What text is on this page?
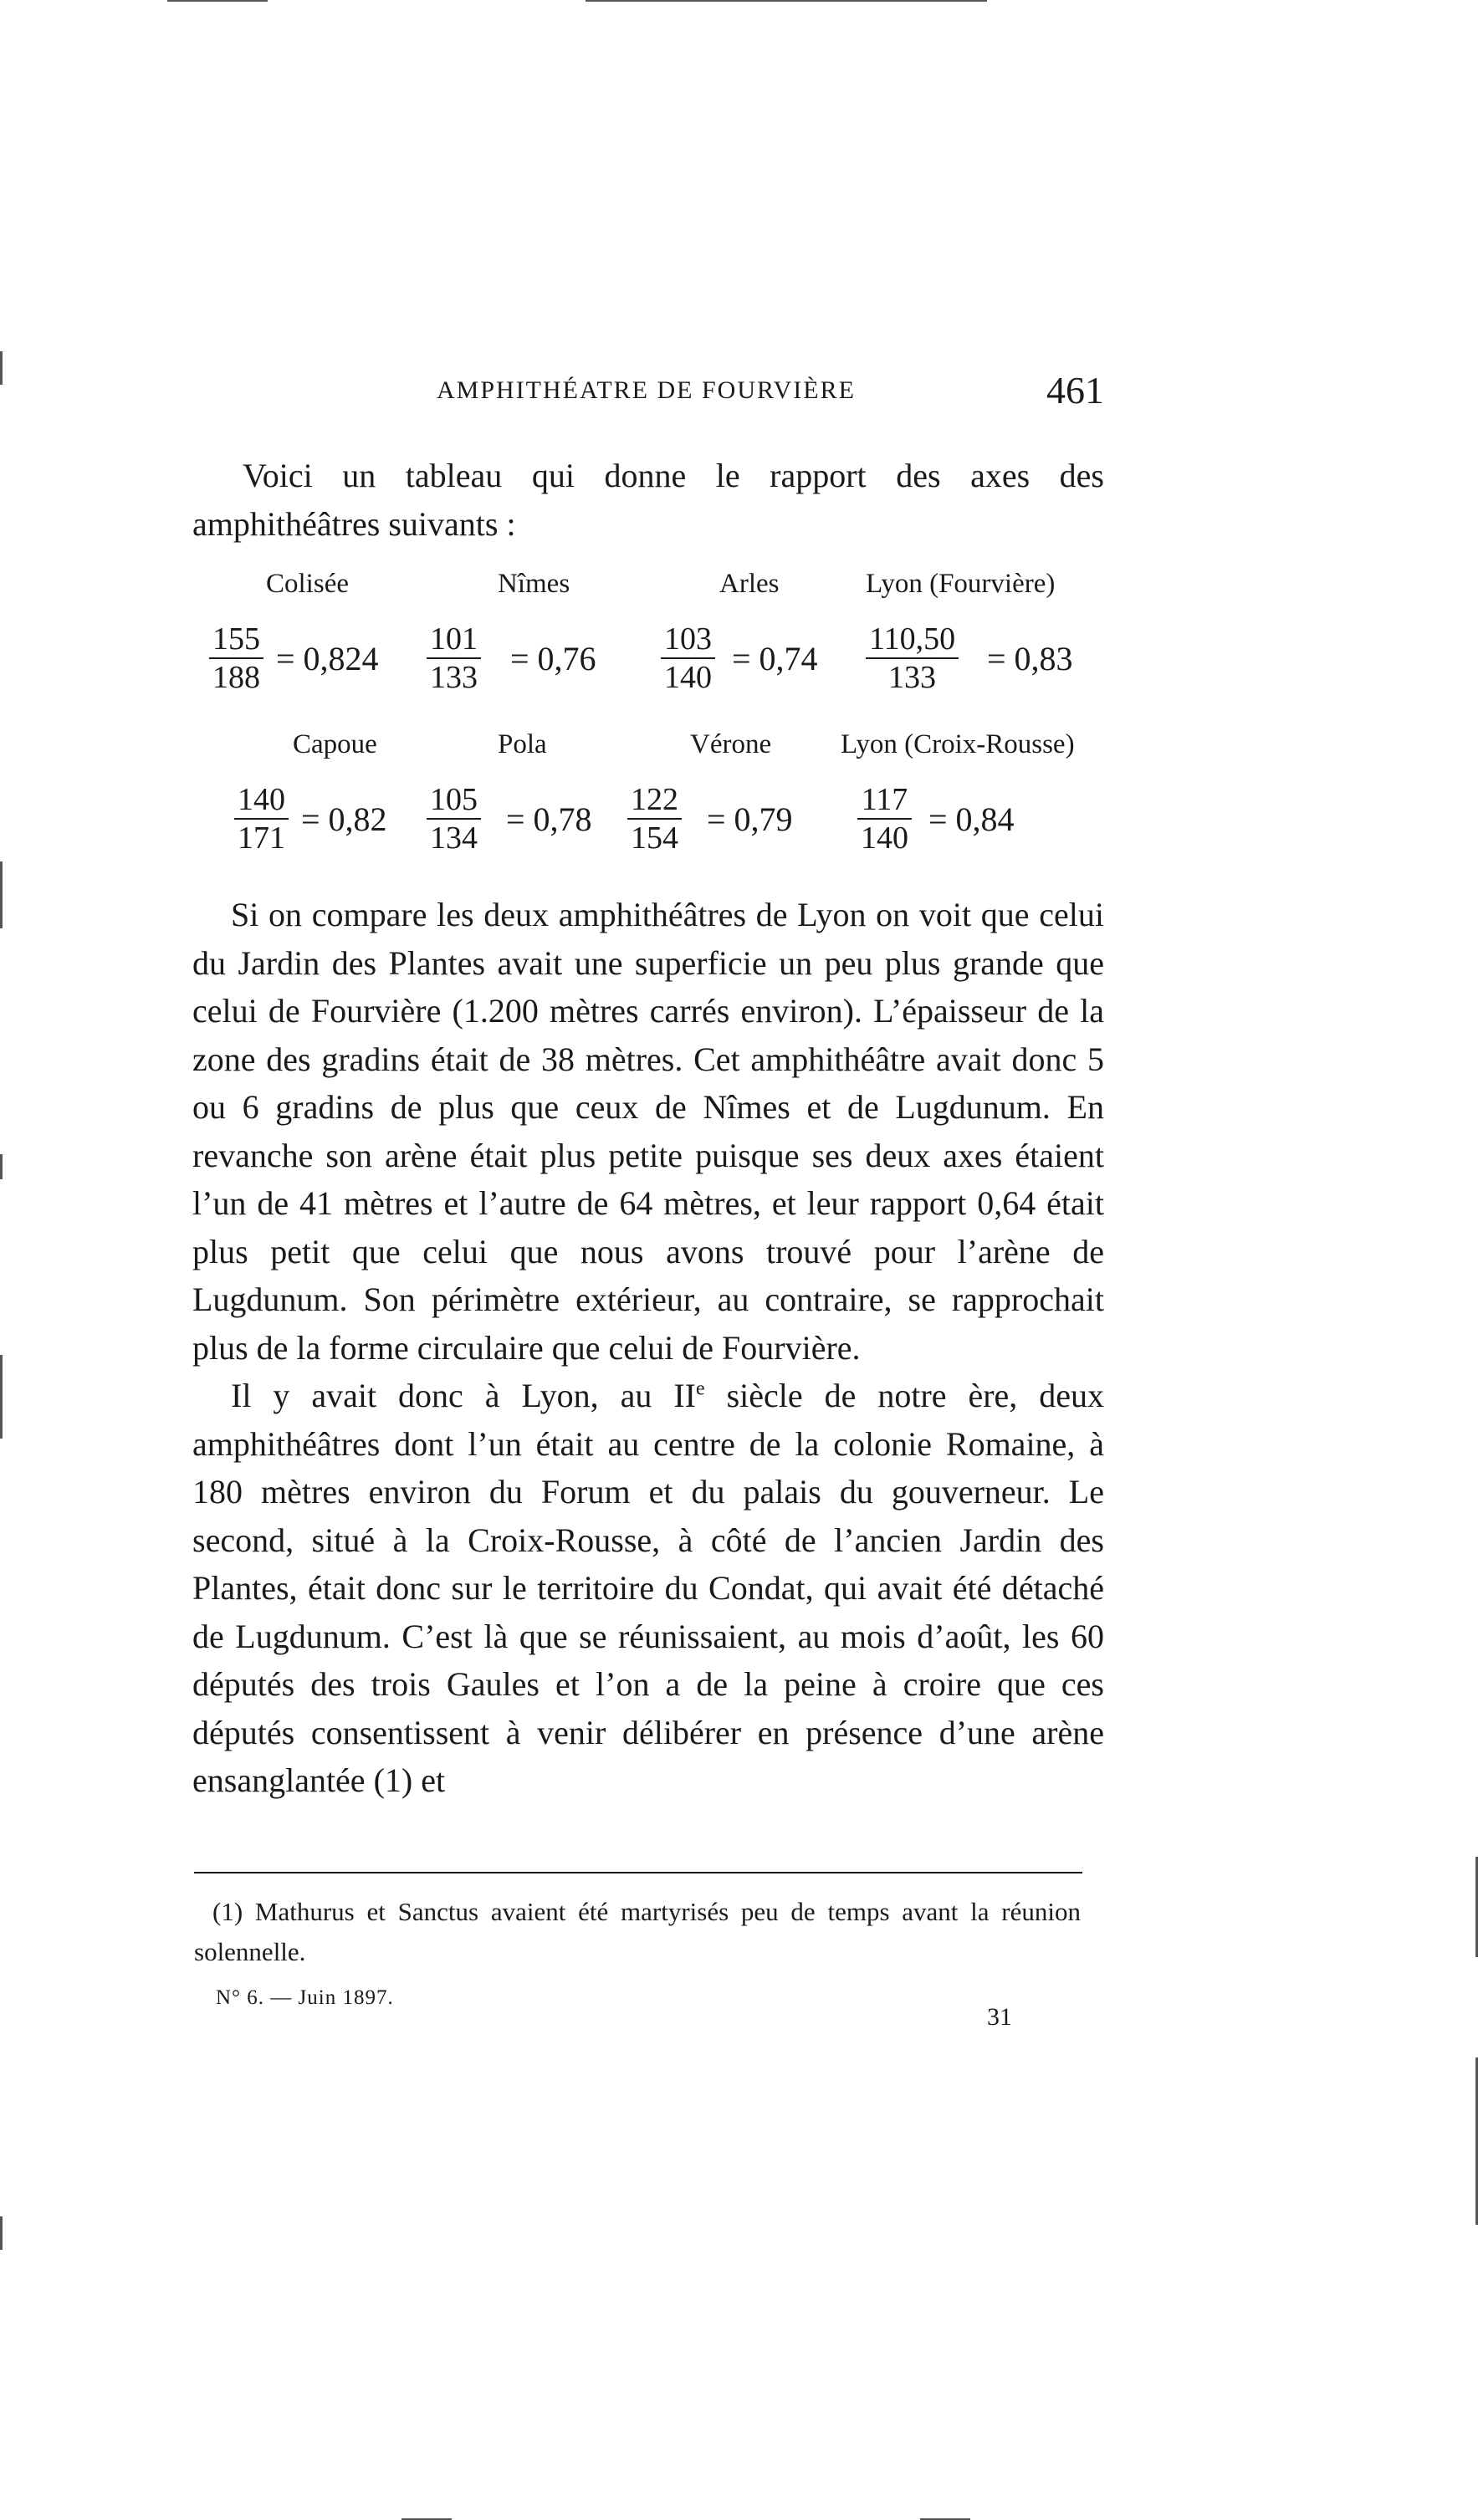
AMPHITHÉATRE DE FOURVIÈRE	461

Voici un tableau qui donne le rapport des axes des amphithéâtres suivants :

Colisée
$\frac{155}{188} = 0,824$
Nîmes
$\frac{101}{133} = 0,76$
Arles
$\frac{103}{140} = 0,74$
Lyon (Fourvière)
$\frac{110,50}{133} = 0,83$
Capoue
$\frac{140}{171} = 0,82$
Pola
$\frac{105}{134} = 0,78$
Vérone
$\frac{122}{154} = 0,79$
Lyon (Croix-Rousse)
$\frac{117}{140} = 0,84$

Si on compare les deux amphithéâtres de Lyon on voit que celui du Jardin des Plantes avait une superficie un peu plus grande que celui de Fourvière (1.200 mètres carrés environ). L’épaisseur de la zone des gradins était de 38 mètres. Cet amphithéâtre avait donc 5 ou 6 gradins de plus que ceux de Nîmes et de Lugdunum. En revanche son arène était plus petite puisque ses deux axes étaient l’un de 41 mètres et l’autre de 64 mètres, et leur rapport 0,64 était plus petit que celui que nous avons trouvé pour l’arène de Lugdunum. Son périmètre extérieur, au contraire, se rapprochait plus de la forme circulaire que celui de Fourvière.

Il y avait donc à Lyon, au IIe siècle de notre ère, deux amphithéâtres dont l’un était au centre de la colonie Romaine, à 180 mètres environ du Forum et du palais du gouverneur. Le second, situé à la Croix-Rousse, à côté de l’ancien Jardin des Plantes, était donc sur le territoire du Condat, qui avait été détaché de Lugdunum. C’est là que se réunissaient, au mois d’août, les 60 députés des trois Gaules et l’on a de la peine à croire que ces députés consentissent à venir délibérer en présence d’une arène ensanglantée (1) et

(1) Mathurus et Sanctus avaient été martyrisés peu de temps avant la réunion solennelle.

N° 6. — Juin 1897.
31
